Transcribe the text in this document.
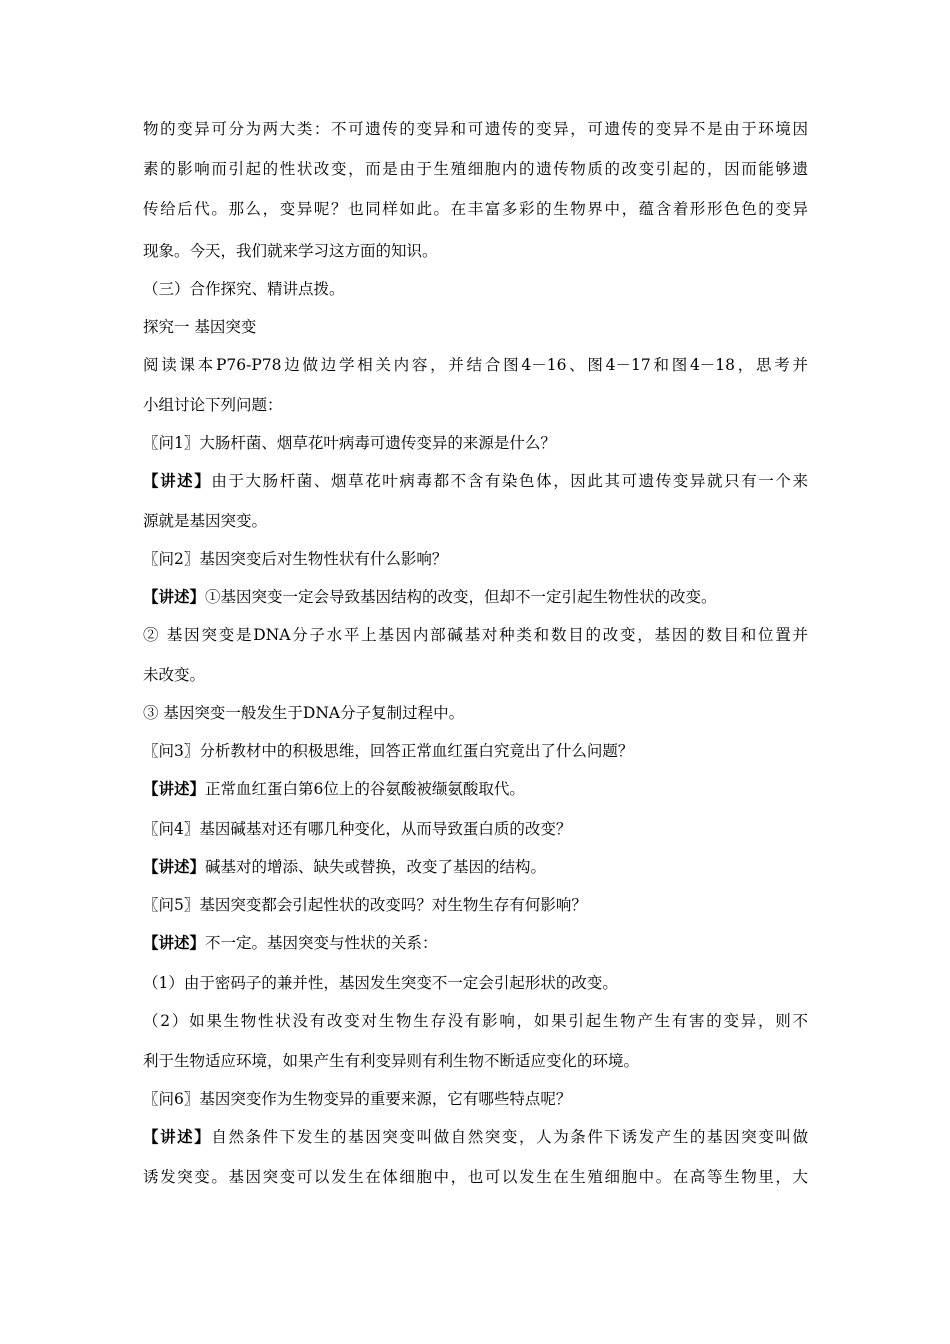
物的变异可分为两大类：不可遗传的变异和可遗传的变异，可遗传的变异不是由于环境因
素的影响而引起的性状改变，而是由于生殖细胞内的遗传物质的改变引起的，因而能够遗
传给后代。那么，变异呢？也同样如此。在丰富多彩的生物界中，蕴含着形形色色的变异
现象。今天，我们就来学习这方面的知识。
（三）合作探究、精讲点拨。
探究一 基因突变
阅读课本P76-P78边做边学相关内容，并结合图4－16、图4－17和图4－18，思考并
小组讨论下列问题：
〖问1〗大肠杆菌、烟草花叶病毒可遗传变异的来源是什么？
【讲述】由于大肠杆菌、烟草花叶病毒都不含有染色体，因此其可遗传变异就只有一个来
源就是基因突变。
〖问2〗基因突变后对生物性状有什么影响？
【讲述】①基因突变一定会导致基因结构的改变，但却不一定引起生物性状的改变。
② 基因突变是DNA分子水平上基因内部碱基对种类和数目的改变，基因的数目和位置并
未改变。
③ 基因突变一般发生于DNA分子复制过程中。
〖问3〗分析教材中的积极思维，回答正常血红蛋白究竟出了什么问题？
【讲述】正常血红蛋白第6位上的谷氨酸被缬氨酸取代。
〖问4〗基因碱基对还有哪几种变化，从而导致蛋白质的改变？
【讲述】碱基对的增添、缺失或替换，改变了基因的结构。
〖问5〗基因突变都会引起性状的改变吗？对生物生存有何影响？
【讲述】不一定。基因突变与性状的关系：
（1）由于密码子的兼并性，基因发生突变不一定会引起形状的改变。
（2）如果生物性状没有改变对生物生存没有影响，如果引起生物产生有害的变异，则不
利于生物适应环境，如果产生有利变异则有利生物不断适应变化的环境。
〖问6〗基因突变作为生物变异的重要来源，它有哪些特点呢？
【讲述】自然条件下发生的基因突变叫做自然突变，人为条件下诱发产生的基因突变叫做
诱发突变。基因突变可以发生在体细胞中，也可以发生在生殖细胞中。在高等生物里，大
